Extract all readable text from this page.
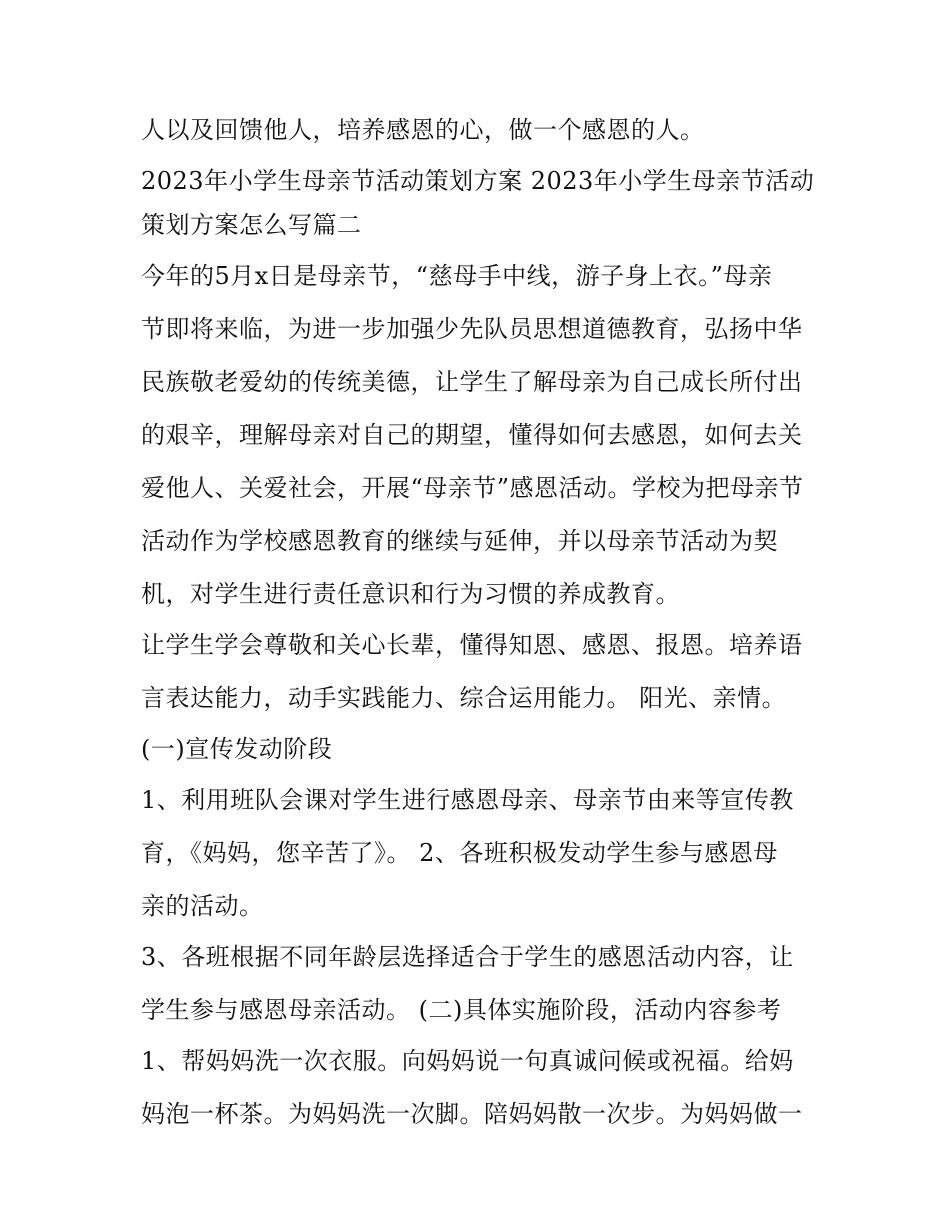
人以及回馈他人，培养感恩的心，做一个感恩的人。
2023年小学生母亲节活动策划方案 2023年小学生母亲节活动
策划方案怎么写篇二
今年的5月x日是母亲节，“慈母手中线，游子身上衣。”母亲
节即将来临，为进一步加强少先队员思想道德教育，弘扬中华
民族敬老爱幼的传统美德，让学生了解母亲为自己成长所付出
的艰辛，理解母亲对自己的期望，懂得如何去感恩，如何去关
爱他人、关爱社会，开展“母亲节”感恩活动。学校为把母亲节
活动作为学校感恩教育的继续与延伸，并以母亲节活动为契
机，对学生进行责任意识和行为习惯的养成教育。
让学生学会尊敬和关心长辈，懂得知恩、感恩、报恩。培养语
言表达能力，动手实践能力、综合运用能力。 阳光、亲情。
(一)宣传发动阶段
1、利用班队会课对学生进行感恩母亲、母亲节由来等宣传教
育，《妈妈，您辛苦了》。 2、各班积极发动学生参与感恩母
亲的活动。
3、各班根据不同年龄层选择适合于学生的感恩活动内容，让
学生参与感恩母亲活动。 (二)具体实施阶段，活动内容参考
1、帮妈妈洗一次衣服。向妈妈说一句真诚问候或祝福。给妈
妈泡一杯茶。为妈妈洗一次脚。陪妈妈散一次步。为妈妈做一
